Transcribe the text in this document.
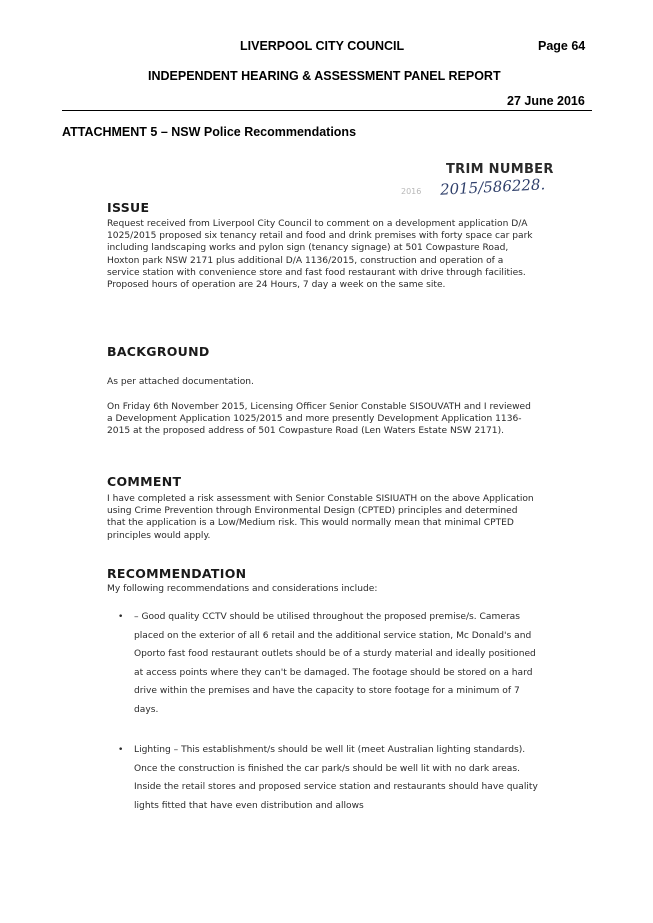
LIVERPOOL CITY COUNCIL	Page 64
INDEPENDENT HEARING & ASSESSMENT PANEL REPORT
27 June 2016
ATTACHMENT 5 – NSW Police Recommendations
TRIM NUMBER
2016 2015/586228.
ISSUE
Request received from Liverpool City Council to comment on a development application D/A 1025/2015 proposed six tenancy retail and food and drink premises with forty space car park including landscaping works and pylon sign (tenancy signage) at 501 Cowpasture Road, Hoxton park NSW 2171 plus additional D/A 1136/2015, construction and operation of a service station with convenience store and fast food restaurant with drive through facilities. Proposed hours of operation are 24 Hours, 7 day a week on the same site.
BACKGROUND
As per attached documentation.
On Friday 6th November 2015, Licensing Officer Senior Constable SISOUVATH and I reviewed a Development Application 1025/2015 and more presently Development Application 1136-2015 at the proposed address of 501 Cowpasture Road (Len Waters Estate NSW 2171).
COMMENT
I have completed a risk assessment with Senior Constable SISIUATH on the above Application using Crime Prevention through Environmental Design (CPTED) principles and determined that the application is a Low/Medium risk. This would normally mean that minimal CPTED principles would apply.
RECOMMENDATION
My following recommendations and considerations include:
• – Good quality CCTV should be utilised throughout the proposed premise/s. Cameras placed on the exterior of all 6 retail and the additional service station, Mc Donald's and Oporto fast food restaurant outlets should be of a sturdy material and ideally positioned at access points where they can't be damaged. The footage should be stored on a hard drive within the premises and have the capacity to store footage for a minimum of 7 days.
• Lighting – This establishment/s should be well lit (meet Australian lighting standards). Once the construction is finished the car park/s should be well lit with no dark areas. Inside the retail stores and proposed service station and restaurants should have quality lights fitted that have even distribution and allows
